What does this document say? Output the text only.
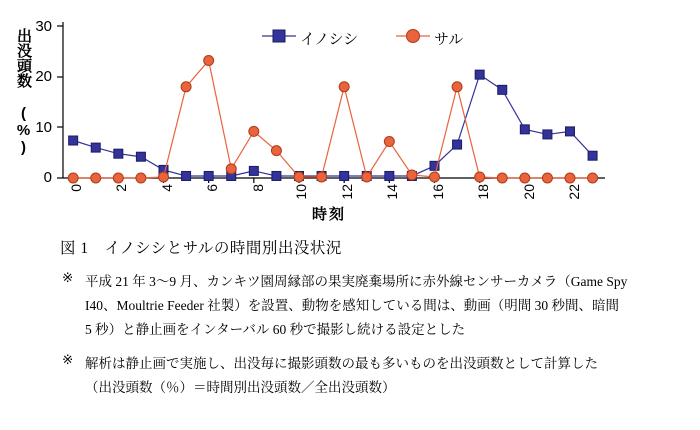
出没頭数 (%)
時刻
30
20
10
0
0 2 4 6 8 10 12 14 16 18 20 22
イノシシ	サル
図 1　イノシシとサルの時間別出没状況
※ 平成 21 年 3〜9 月、カンキツ園周縁部の果実廃棄場所に赤外線センサーカメラ（Game Spy
I40、Moultrie Feeder 社製）を設置、動物を感知している間は、動画（明間 30 秒間、暗間
5 秒）と静止画をインターバル 60 秒で撮影し続ける設定とした
※ 解析は静止画で実施し、出没毎に撮影頭数の最も多いものを出没頭数として計算した
（出没頭数（％）＝時間別出没頭数／全出没頭数）
